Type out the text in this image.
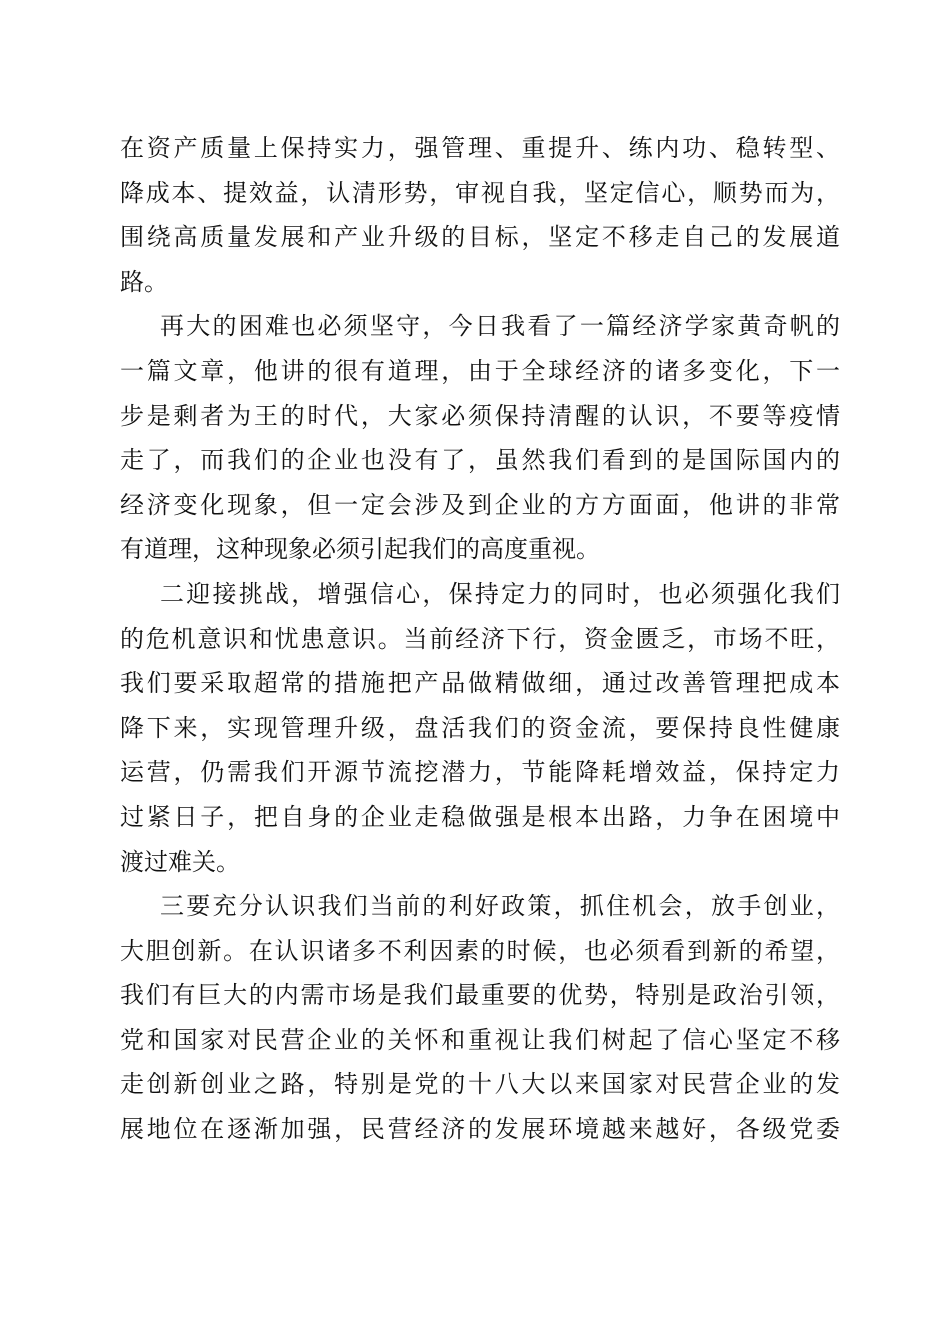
在资产质量上保持实力，强管理、重提升、练内功、稳转型、
降成本、提效益，认清形势，审视自我，坚定信心，顺势而为，
围绕高质量发展和产业升级的目标，坚定不移走自己的发展道
路。
再大的困难也必须坚守，今日我看了一篇经济学家黄奇帆的
一篇文章，他讲的很有道理，由于全球经济的诸多变化，下一
步是剩者为王的时代，大家必须保持清醒的认识，不要等疫情
走了，而我们的企业也没有了，虽然我们看到的是国际国内的
经济变化现象，但一定会涉及到企业的方方面面，他讲的非常
有道理，这种现象必须引起我们的高度重视。
二迎接挑战，增强信心，保持定力的同时，也必须强化我们
的危机意识和忧患意识。当前经济下行，资金匮乏，市场不旺，
我们要采取超常的措施把产品做精做细，通过改善管理把成本
降下来，实现管理升级，盘活我们的资金流，要保持良性健康
运营，仍需我们开源节流挖潜力，节能降耗增效益，保持定力
过紧日子，把自身的企业走稳做强是根本出路，力争在困境中
渡过难关。
三要充分认识我们当前的利好政策，抓住机会，放手创业，
大胆创新。在认识诸多不利因素的时候，也必须看到新的希望，
我们有巨大的内需市场是我们最重要的优势，特别是政治引领，
党和国家对民营企业的关怀和重视让我们树起了信心坚定不移
走创新创业之路，特别是党的十八大以来国家对民营企业的发
展地位在逐渐加强，民营经济的发展环境越来越好，各级党委
